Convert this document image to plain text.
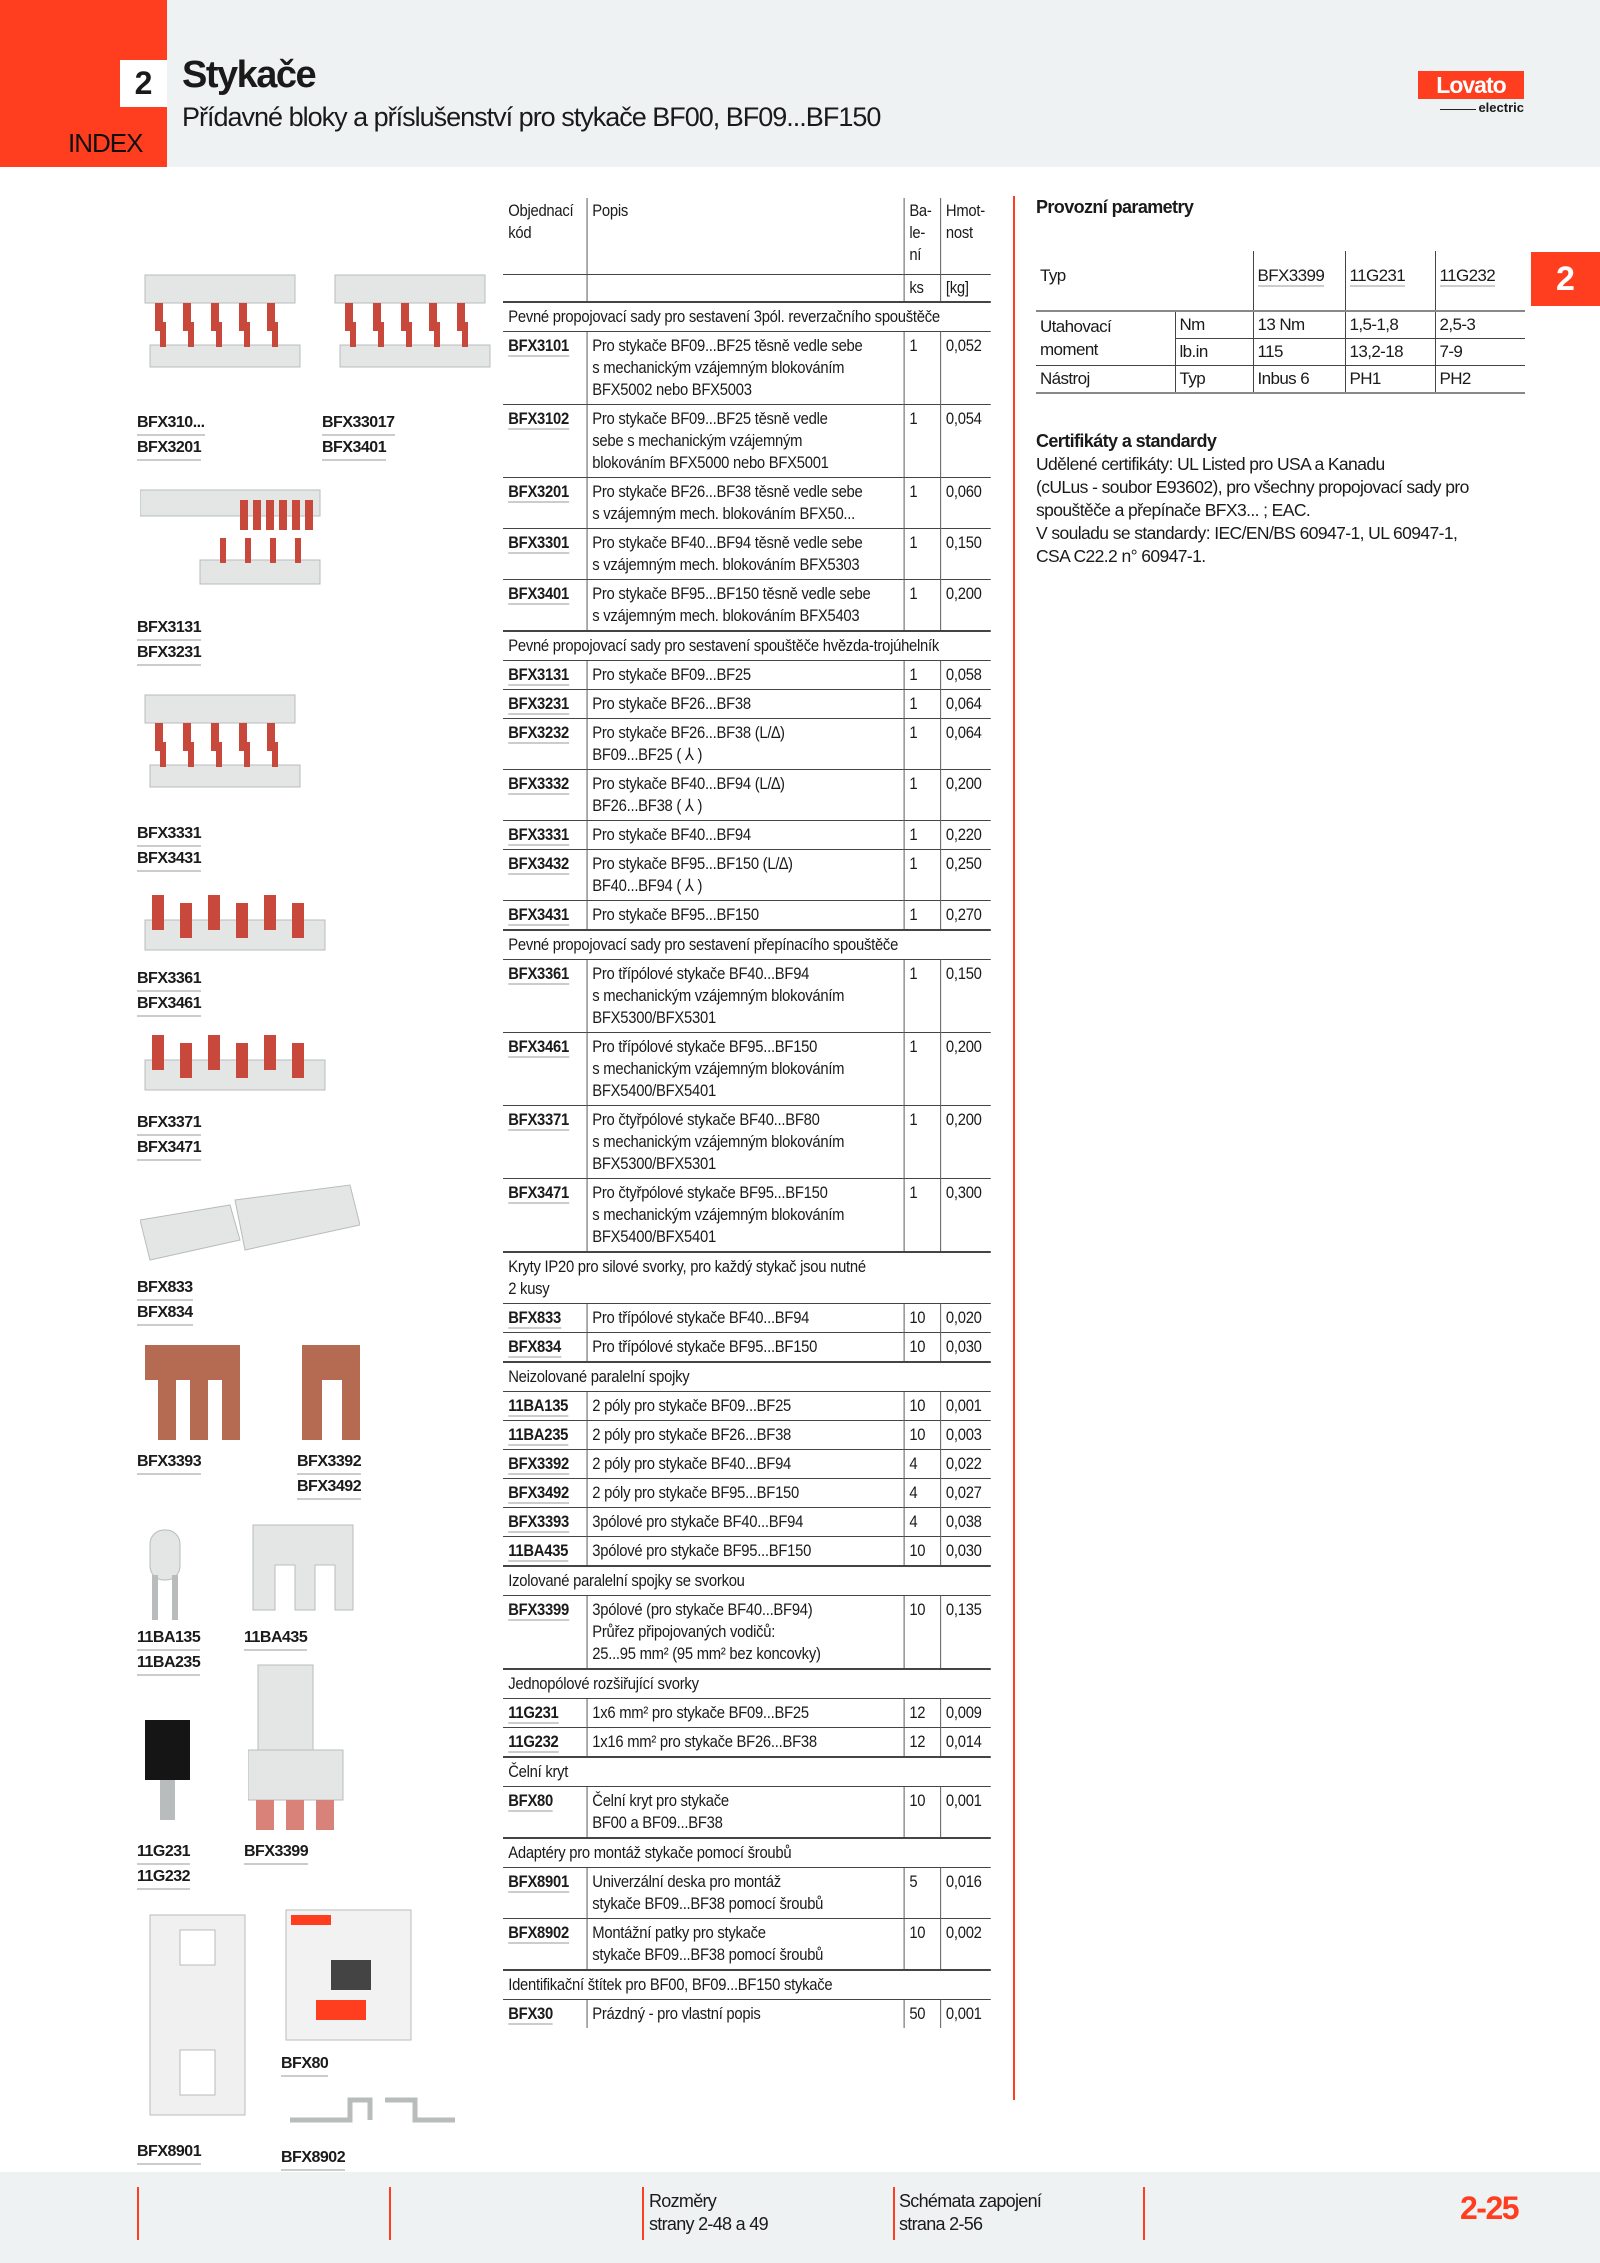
2
INDEX
Stykače
Přídavné bloky a příslušenství pro stykače BF00, BF09...BF150
Lovato
electric
2
BFX310...
BFX3201
BFX33017
BFX3401
BFX3131
BFX3231
BFX3331
BFX3431
BFX3361
BFX3461
BFX3371
BFX3471
BFX833
BFX834
BFX3393	BFX3392
BFX3492
11BA135
11BA235
11BA435
11G231
11G232
BFX3399
BFX80
BFX8901	BFX8902
Objednací
kód	Popis	Ba-
le-
ní	Hmot-
nost
		ks	[kg]
Pevné propojovací sady pro sestavení 3pól. reverzačního spouštěče			
BFX3101	Pro stykače BF09...BF25 těsně vedle sebe
s mechanickým vzájemným blokováním
BFX5002 nebo BFX5003	1	0,052
BFX3102	Pro stykače BF09...BF25 těsně vedle
sebe s mechanickým vzájemným
blokováním BFX5000 nebo BFX5001	1	0,054
BFX3201	Pro stykače BF26...BF38 těsně vedle sebe
s vzájemným mech. blokováním BFX50...	1	0,060
BFX3301	Pro stykače BF40...BF94 těsně vedle sebe
s vzájemným mech. blokováním BFX5303	1	0,150
BFX3401	Pro stykače BF95...BF150 těsně vedle sebe
s vzájemným mech. blokováním BFX5403	1	0,200
Pevné propojovací sady pro sestavení spouštěče hvězda-trojúhelník			
BFX3131	Pro stykače BF09...BF25	1	0,058
BFX3231	Pro stykače BF26...BF38	1	0,064
BFX3232	Pro stykače BF26...BF38 (L/∆)
BF09...BF25 ( ⅄ )	1	0,064
BFX3332	Pro stykače BF40...BF94 (L/∆)
BF26...BF38 ( ⅄ )	1	0,200
BFX3331	Pro stykače BF40...BF94	1	0,220
BFX3432	Pro stykače BF95...BF150 (L/∆)
BF40...BF94 ( ⅄ )	1	0,250
BFX3431	Pro stykače BF95...BF150	1	0,270
Pevné propojovací sady pro sestavení přepínacího spouštěče			
BFX3361	Pro třípólové stykače BF40...BF94
s mechanickým vzájemným blokováním
BFX5300/BFX5301	1	0,150
BFX3461	Pro třípólové stykače BF95...BF150
s mechanickým vzájemným blokováním
BFX5400/BFX5401	1	0,200
BFX3371	Pro čtyřpólové stykače BF40...BF80
s mechanickým vzájemným blokováním
BFX5300/BFX5301	1	0,200
BFX3471	Pro čtyřpólové stykače BF95...BF150
s mechanickým vzájemným blokováním
BFX5400/BFX5401	1	0,300
Kryty IP20 pro silové svorky, pro každý stykač jsou nutné
2 kusy			
BFX833	Pro třípólové stykače BF40...BF94	10	0,020
BFX834	Pro třípólové stykače BF95...BF150	10	0,030
Neizolované paralelní spojky			
11BA135	2 póly pro stykače BF09...BF25	10	0,001
11BA235	2 póly pro stykače BF26...BF38	10	0,003
BFX3392	2 póly pro stykače BF40...BF94	4	0,022
BFX3492	2 póly pro stykače BF95...BF150	4	0,027
BFX3393	3pólové pro stykače BF40...BF94	4	0,038
11BA435	3pólové pro stykače BF95...BF150	10	0,030
Izolované paralelní spojky se svorkou			
BFX3399	3pólové (pro stykače BF40...BF94)
Průřez připojovaných vodičů:
25...95 mm² (95 mm² bez koncovky)	10	0,135
Jednopólové rozšiřující svorky			
11G231	1x6 mm² pro stykače BF09...BF25	12	0,009
11G232	1x16 mm² pro stykače BF26...BF38	12	0,014
Čelní kryt			
BFX80	Čelní kryt pro stykače
BF00 a BF09...BF38	10	0,001
Adaptéry pro montáž stykače pomocí šroubů			
BFX8901	Univerzální deska pro montáž
stykače BF09...BF38 pomocí šroubů	5	0,016
BFX8902	Montážní patky pro stykače
stykače BF09...BF38 pomocí šroubů	10	0,002
Identifikační štítek pro BF00, BF09...BF150 stykače			
BFX30	Prázdný - pro vlastní popis	50	0,001
Provozní parametry
Typ		BFX3399	11G231	11G232
Utahovací
moment	Nm	13 Nm	1,5-1,8	2,5-3
	lb.in	115	13,2-18	7-9
Nástroj	Typ	Inbus 6	PH1	PH2
Certifikáty a standardy
Udělené certifikáty: UL Listed pro USA a Kanadu
(cULus - soubor E93602), pro všechny propojovací sady pro
spouštěče a přepínače BFX3... ; EAC.
V souladu se standardy: IEC/EN/BS 60947-1, UL 60947-1,
CSA C22.2 n° 60947-1.
Rozměry
strany 2-48 a 49
Schémata zapojení
strana 2-56	2-25
